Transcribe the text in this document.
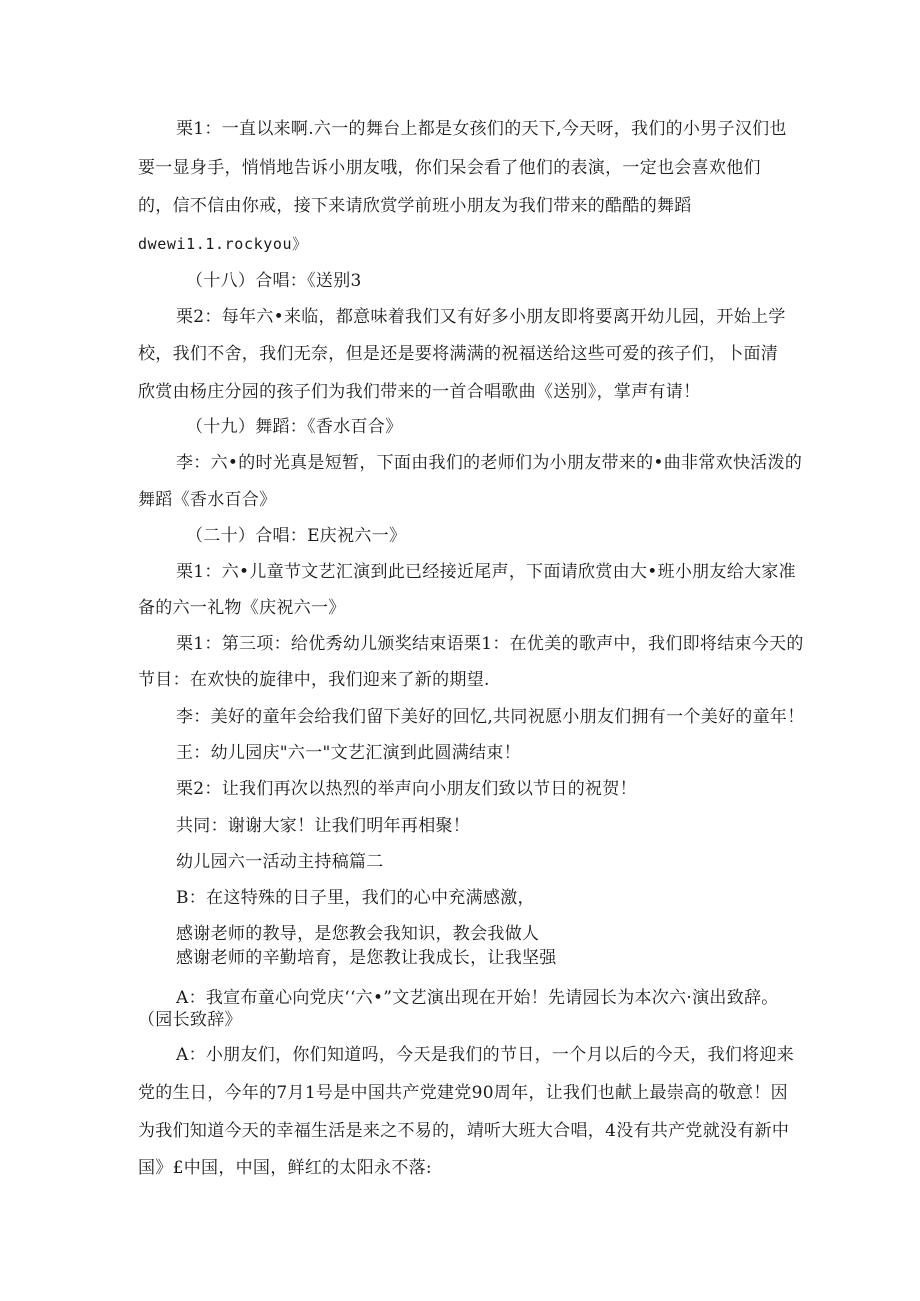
栗1：一直以来啊.六一的舞台上都是女孩们的天下,今天呀，我们的小男子汉们也

要一显身手，悄悄地告诉小朋友哦，你们呆会看了他们的表演，一定也会喜欢他们

的，信不信由你戒，接下来请欣赏学前班小朋友为我们带来的酷酷的舞蹈

dwewi1.1.rockyou》

（十八）合唱：《送别3

栗2：每年六•来临，都意味着我们又有好多小朋友即将要离开幼儿园，开始上学

校，我们不舍，我们无奈，但是还是要将满满的祝福送给这些可爱的孩子们，卜面清

欣赏由杨庄分园的孩子们为我们带来的一首合唱歌曲《送别》，掌声有请！

（十九）舞蹈：《香水百合》

李：六•的时光真是短暂，下面由我们的老师们为小朋友带来的•曲非常欢快活泼的

舞蹈《香水百合》

（二十）合唱：E庆祝六一》

栗1：六•儿童节文艺汇演到此已经接近尾声，下面请欣赏由大•班小朋友给大家准

备的六一礼物《庆祝六一》

栗1：第三项：给优秀幼儿颁奖结束语栗1：在优美的歌声中，我们即将结束今天的

节目：在欢快的旋律中，我们迎来了新的期望.

李：美好的童年会给我们留下美好的回忆,共同祝愿小朋友们拥有一个美好的童年！

王：幼儿园庆"六一"文艺汇演到此圆满结束！

栗2：让我们再次以热烈的举声向小朋友们致以节日的祝贺！

共同：谢谢大家！让我们明年再相聚！

幼儿园六一活动主持稿篇二

B：在这特殊的日子里，我们的心中充满感激，

感谢老师的教导，是您教会我知识，教会我做人

感谢老师的辛勤培育，是您教让我成长，让我坚强

A：我宣布童心向党庆‘‘六•”文艺演出现在开始！先请园长为本次六·演出致辞。

（园长致辞》

A：小朋友们，你们知道吗，今天是我们的节日，一个月以后的今天，我们将迎来

党的生日，今年的7月1号是中国共产党建党90周年，让我们也献上最崇高的敬意！因

为我们知道今天的幸福生活是来之不易的，靖听大班大合唱，4没有共产党就没有新中

国》£中国，中国，鲜红的太阳永不落:
